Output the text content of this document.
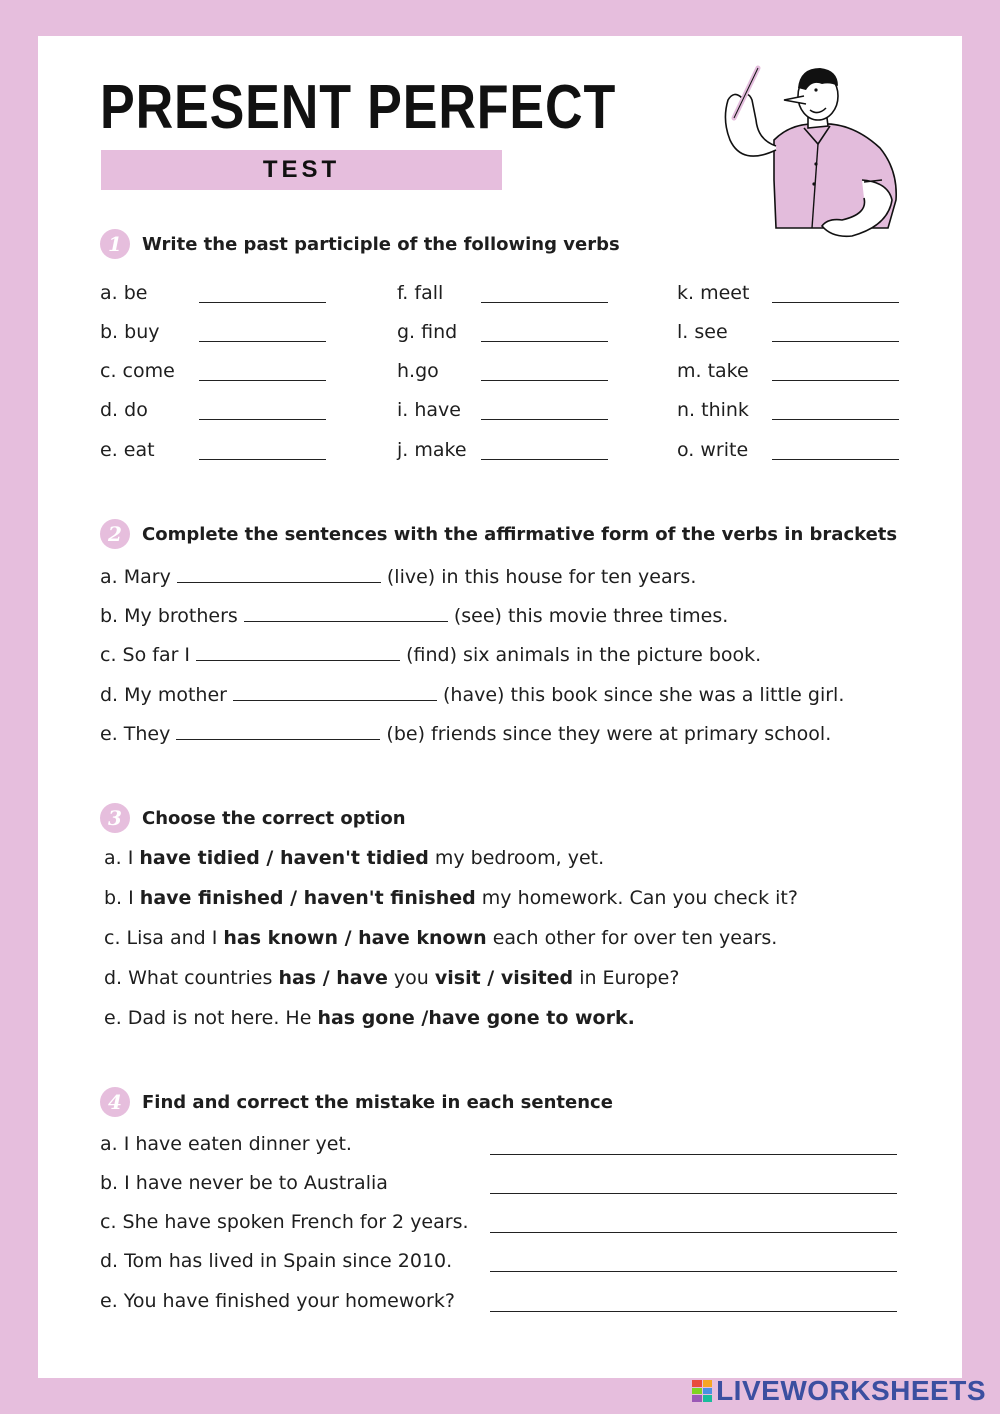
PRESENT PERFECT
TEST
1	Write the past participle of the following verbs
a. be
b. buy
c. come
d. do
e. eat
f. fall
g. find
h.go
i. have
j. make
k. meet
l. see
m. take
n. think
o. write
2	Complete the sentences with the affirmative form of the verbs in brackets
a. Mary	(live) in this house for ten years.
b. My brothers	(see) this movie three times.
c. So far I	(find) six animals in the picture book.
d. My mother	(have) this book since she was a little girl.
e. They	(be) friends since they were at primary school.
3	Choose the correct option
a. I have tidied / haven't tidied my bedroom, yet.
b. I have finished / haven't finished my homework. Can you check it?
c. Lisa and I has known / have known each other for over ten years.
d. What countries has / have you visit / visited in Europe?
e. Dad is not here. He has gone /have gone to work.
4	Find and correct the mistake in each sentence
a. I have eaten dinner yet.
b. I have never be to Australia
c. She have spoken French for 2 years.
d. Tom has lived in Spain since 2010.
e. You have finished your homework?
LIVEWORKSHEETS
